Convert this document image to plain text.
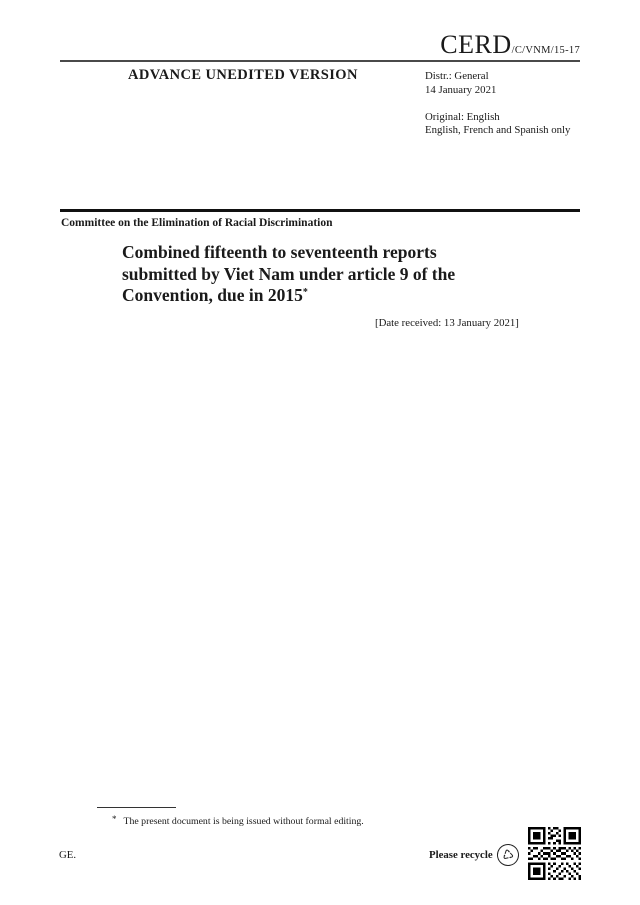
CERD /C/VNM/15-17
ADVANCE UNEDITED VERSION	Distr.: General
14 January 2021
Original: English
English, French and Spanish only
Committee on the Elimination of Racial Discrimination
Combined fifteenth to seventeenth reports
submitted by Viet Nam under article 9 of the
Convention, due in 2015*
[Date received: 13 January 2021]
* The present document is being issued without formal editing.
GE.	Please recycle ♺
